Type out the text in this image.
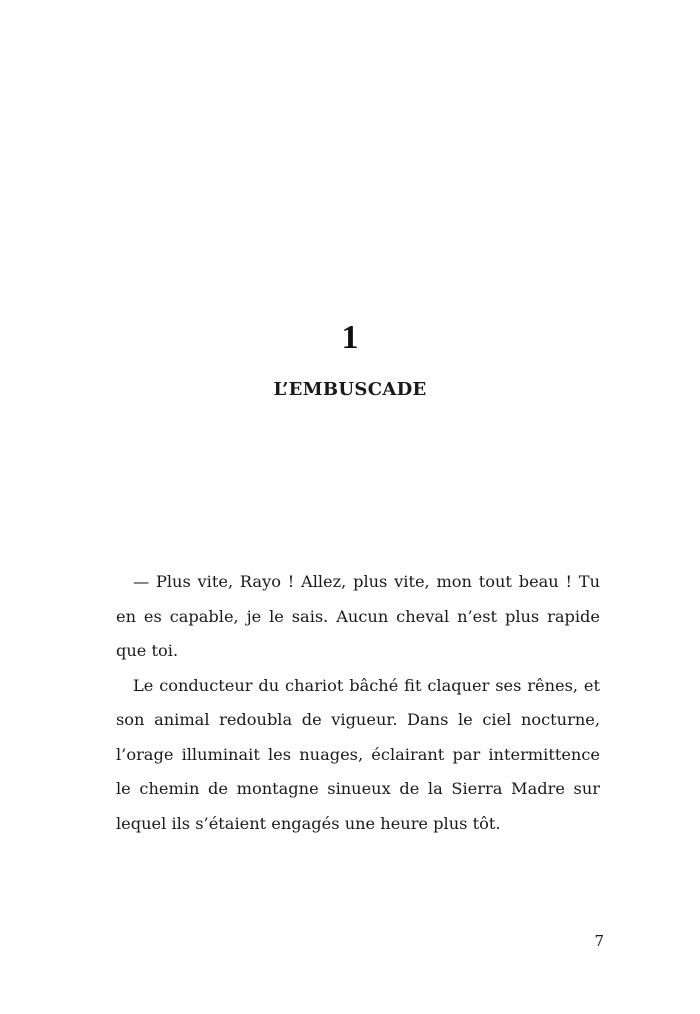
1
L’EMBUSCADE

— Plus vite, Rayo ! Allez, plus vite, mon tout beau ! Tu en es capable, je le sais. Aucun cheval n’est plus rapide que toi.

Le conducteur du chariot bâché fit claquer ses rênes, et son animal redoubla de vigueur. Dans le ciel nocturne, l’orage illuminait les nuages, éclairant par intermittence le chemin de montagne sinueux de la Sierra Madre sur lequel ils s’étaient engagés une heure plus tôt.

7
